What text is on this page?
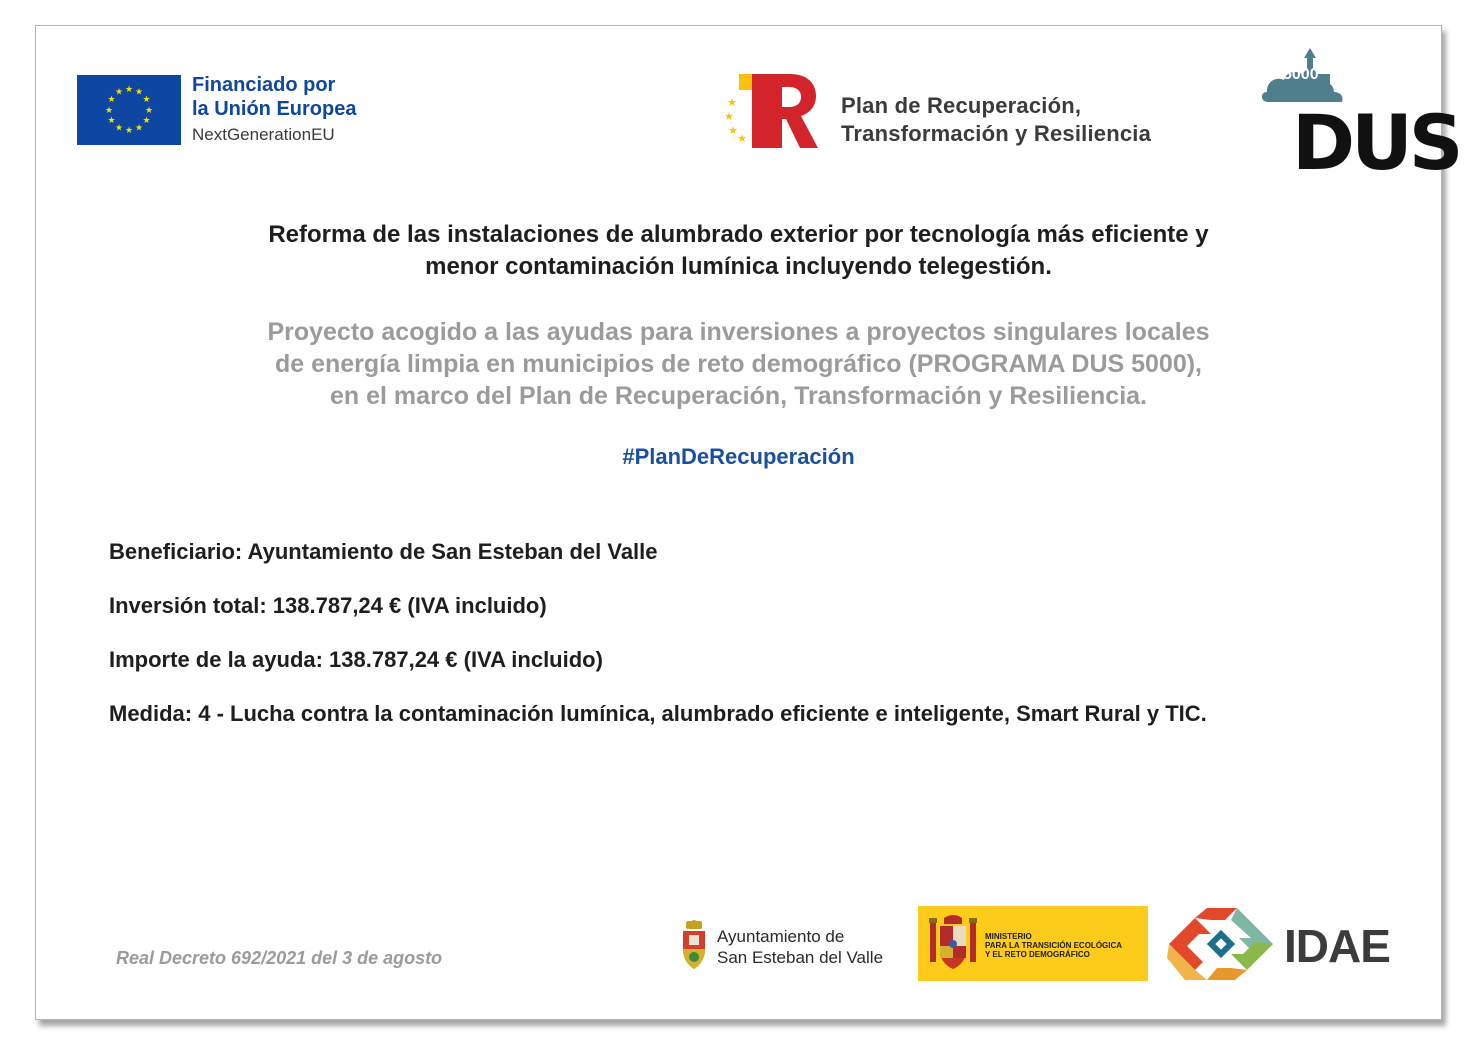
★ ★
★
★
★
★
★
★
★
★
★
★	Financiado por
la Unión Europea
NextGenerationEU
★
★
★
★
Plan de Recuperación,
Transformación y Resiliencia DUS
5000
Reforma de las instalaciones de alumbrado exterior por tecnología más eficiente y
menor contaminación lumínica incluyendo telegestión.
Proyecto acogido a las ayudas para inversiones a proyectos singulares locales
de energía limpia en municipios de reto demográfico (PROGRAMA DUS 5000),
en el marco del Plan de Recuperación, Transformación y Resiliencia.
#PlanDeRecuperación
Beneficiario: Ayuntamiento de San Esteban del Valle
Inversión total: 138.787,24 € (IVA incluido)
Importe de la ayuda: 138.787,24 € (IVA incluido)
Medida: 4 - Lucha contra la contaminación lumínica, alumbrado eficiente e inteligente, Smart Rural y TIC.
Real Decreto 692/2021 del 3 de agosto
Ayuntamiento de
San Esteban del Valle
MINISTERIO
PARA LA TRANSICIÓN ECOLÓGICA
Y EL RETO DEMOGRÁFICO	IDAE
